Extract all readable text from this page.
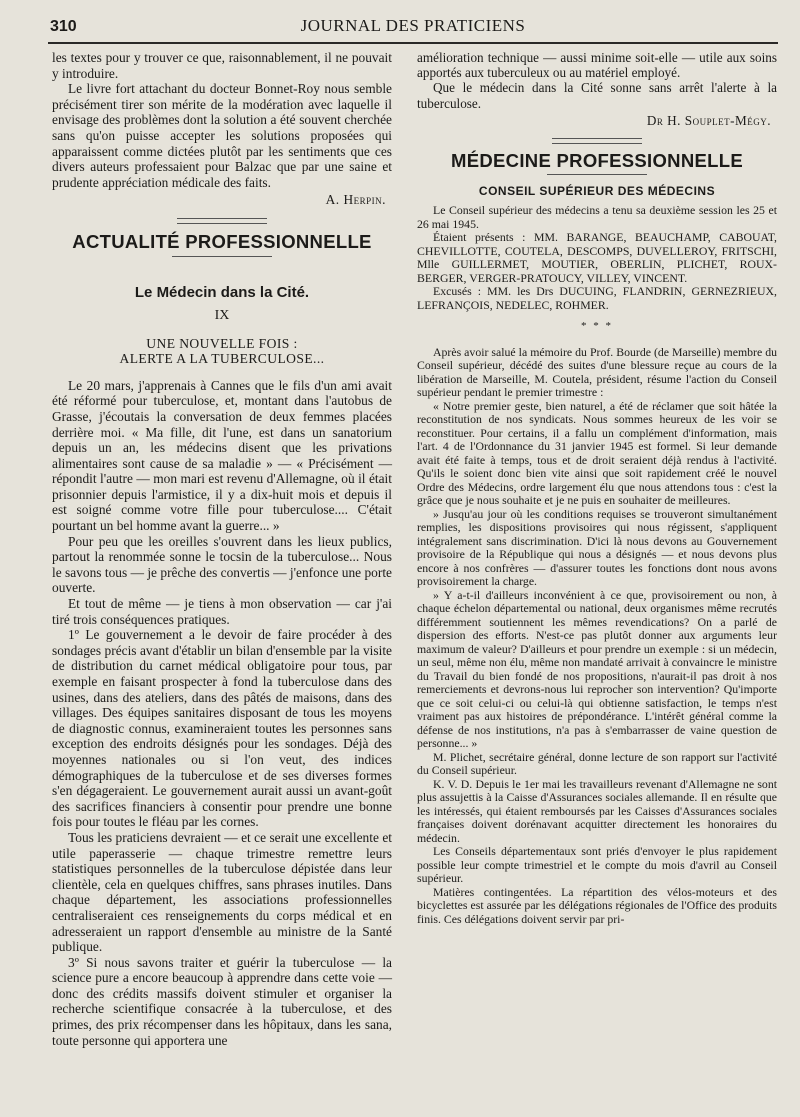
310	JOURNAL DES PRATICIENS

les textes pour y trouver ce que, raisonnablement, il ne pouvait y introduire.

Le livre fort attachant du docteur Bonnet-Roy nous semble précisément tirer son mérite de la modération avec laquelle il envisage des problèmes dont la solution a été souvent cherchée sans qu'on puisse accepter les solutions proposées qui apparaissent comme dictées plutôt par les sentiments que ces divers auteurs professaient pour Balzac que par une saine et prudente appréciation médicale des faits.

A. Herpin.

ACTUALITÉ PROFESSIONNELLE
Le Médecin dans la Cité.
IX
UNE NOUVELLE FOIS :
ALERTE A LA TUBERCULOSE...

Le 20 mars, j'apprenais à Cannes que le fils d'un ami avait été réformé pour tuberculose, et, montant dans l'autobus de Grasse, j'écoutais la conversation de deux femmes placées derrière moi. « Ma fille, dit l'une, est dans un sanatorium depuis un an, les médecins disent que les privations alimentaires sont cause de sa maladie » — « Précisément — répondit l'autre — mon mari est revenu d'Allemagne, où il était prisonnier depuis l'armistice, il y a dix-huit mois et depuis il est soigné comme votre fille pour tuberculose.... C'était pourtant un bel homme avant la guerre... »

Pour peu que les oreilles s'ouvrent dans les lieux publics, partout la renommée sonne le tocsin de la tuberculose... Nous le savons tous — je prêche des convertis — j'enfonce une porte ouverte.

Et tout de même — je tiens à mon observation — car j'ai tiré trois conséquences pratiques.

1º Le gouvernement a le devoir de faire procéder à des sondages précis avant d'établir un bilan d'ensemble par la visite de distribution du carnet médical obligatoire pour tous, par exemple en faisant prospecter à fond la tuberculose dans des usines, dans des ateliers, dans des pâtés de maisons, dans des villages. Des équipes sanitaires disposant de tous les moyens de diagnostic connus, examineraient toutes les personnes sans exception des endroits désignés pour les sondages. Déjà des moyennes nationales ou si l'on veut, des indices démographiques de la tuberculose et de ses diverses formes s'en dégageraient. Le gouvernement aurait aussi un avant-goût des sacrifices financiers à consentir pour prendre une bonne fois pour toutes le fléau par les cornes.

Tous les praticiens devraient — et ce serait une excellente et utile paperasserie — chaque trimestre remettre leurs statistiques personnelles de la tuberculose dépistée dans leur clientèle, cela en quelques chiffres, sans phrases inutiles. Dans chaque département, les associations professionnelles centraliseraient ces renseignements du corps médical et en adresseraient un rapport d'ensemble au ministre de la Santé publique.

3º Si nous savons traiter et guérir la tuberculose — la science pure a encore beaucoup à apprendre dans cette voie — donc des crédits massifs doivent stimuler et organiser la recherche scientifique consacrée à la tuberculose, et des primes, des prix récompenser dans les hôpitaux, dans les sana, toute personne qui apportera une

amélioration technique — aussi minime soit-elle — utile aux soins apportés aux tuberculeux ou au matériel employé.

Que le médecin dans la Cité sonne sans arrêt l'alerte à la tuberculose.

Dr H. Souplet-Mégy.

MÉDECINE PROFESSIONNELLE
CONSEIL SUPÉRIEUR DES MÉDECINS

Le Conseil supérieur des médecins a tenu sa deuxième session les 25 et 26 mai 1945.

Étaient présents : MM. BARANGE, BEAUCHAMP, CABOUAT, CHEVILLOTTE, COUTELA, DESCOMPS, DUVELLEROY, FRITSCHI, Mlle GUILLERMET, MOUTIER, OBERLIN, PLICHET, ROUX-BERGER, VERGER-PRATOUCY, VILLEY, VINCENT.

Excusés : MM. les Drs DUCUING, FLANDRIN, GERNEZRIEUX, LEFRANÇOIS, NEDELEC, ROHMER.

* * *

Après avoir salué la mémoire du Prof. Bourde (de Marseille) membre du Conseil supérieur, décédé des suites d'une blessure reçue au cours de la libération de Marseille, M. Coutela, président, résume l'action du Conseil supérieur pendant le premier trimestre :

« Notre premier geste, bien naturel, a été de réclamer que soit hâtée la reconstitution de nos syndicats. Nous sommes heureux de les voir se reconstituer. Pour certains, il a fallu un complément d'information, mais l'art. 4 de l'Ordonnance du 31 janvier 1945 est formel. Si leur demande avait été faite à temps, tous et de droit seraient déjà rendus à l'activité. Qu'ils le soient donc bien vite ainsi que soit rapidement créé le nouvel Ordre des Médecins, ordre largement élu que nous attendons tous : c'est la grâce que je nous souhaite et je ne puis en souhaiter de meilleures.

» Jusqu'au jour où les conditions requises se trouveront simultanément remplies, les dispositions provisoires qui nous régissent, s'appliquent intégralement sans discrimination. D'ici là nous devons au Gouvernement provisoire de la République qui nous a désignés — et nous devons plus encore à nos confrères — d'assurer toutes les fonctions dont nous avons provisoirement la charge.

» Y a-t-il d'ailleurs inconvénient à ce que, provisoirement ou non, à chaque échelon départemental ou national, deux organismes même recrutés différemment soutiennent les mêmes revendications? On a parlé de dispersion des efforts. N'est-ce pas plutôt donner aux arguments leur maximum de valeur? D'ailleurs et pour prendre un exemple : si un médecin, un seul, même non élu, même non mandaté arrivait à convaincre le ministre du Travail du bien fondé de nos propositions, n'aurait-il pas droit à nos remerciements et devrons-nous lui reprocher son intervention? Qu'importe que ce soit celui-ci ou celui-là qui obtienne satisfaction, le temps n'est vraiment pas aux histoires de prépondérance. L'intérêt général comme la défense de nos institutions, n'a pas à s'embarrasser de vaine question de personne... »

M. Plichet, secrétaire général, donne lecture de son rapport sur l'activité du Conseil supérieur.

K. V. D. Depuis le 1er mai les travailleurs revenant d'Allemagne ne sont plus assujettis à la Caisse d'Assurances sociales allemande. Il en résulte que les intéressés, qui étaient remboursés par les Caisses d'Assurances sociales françaises doivent dorénavant acquitter directement les honoraires du médecin.

Les Conseils départementaux sont priés d'envoyer le plus rapidement possible leur compte trimestriel et le compte du mois d'avril au Conseil supérieur.

Matières contingentées. La répartition des vélos-moteurs et des bicyclettes est assurée par les délégations régionales de l'Office des produits finis. Ces délégations doivent servir par pri-
